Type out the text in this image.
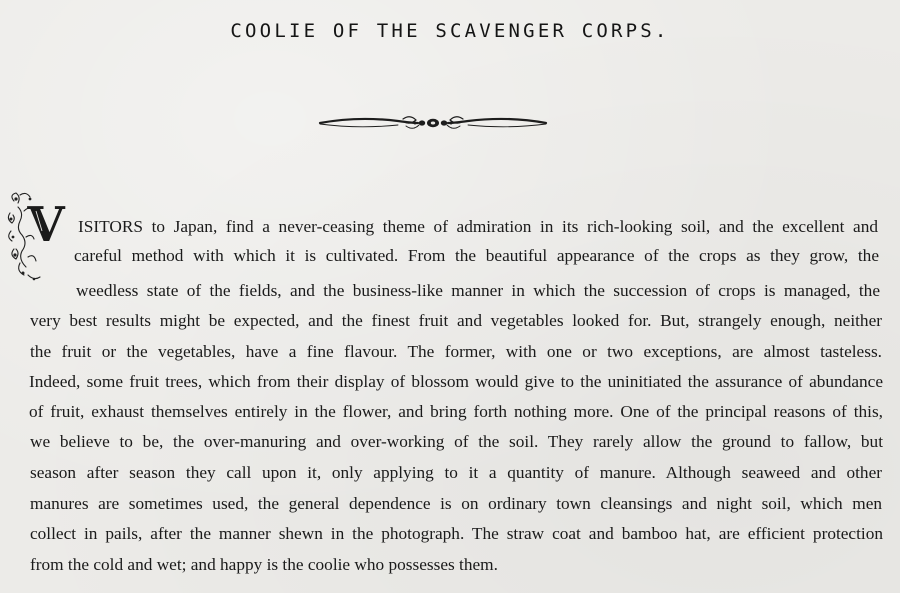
COOLIE OF THE SCAVENGER CORPS.
V ISITORS to Japan, find a never-ceasing theme of admiration in its rich-looking soil, and the excellent and
careful method with which it is cultivated. From the beautiful appearance of the crops as they grow, the
weedless state of the fields, and the business-like manner in which the succession of crops is managed, the
very best results might be expected, and the finest fruit and vegetables looked for. But, strangely enough, neither
the fruit or the vegetables, have a fine flavour. The former, with one or two exceptions, are almost tasteless.
Indeed, some fruit trees, which from their display of blossom would give to the uninitiated the assurance of abundance
of fruit, exhaust themselves entirely in the flower, and bring forth nothing more. One of the principal reasons of this,
we believe to be, the over-manuring and over-working of the soil. They rarely allow the ground to fallow, but
season after season they call upon it, only applying to it a quantity of manure. Although seaweed and other
manures are sometimes used, the general dependence is on ordinary town cleansings and night soil, which men
collect in pails, after the manner shewn in the photograph. The straw coat and bamboo hat, are efficient protection
from the cold and wet; and happy is the coolie who possesses them.
